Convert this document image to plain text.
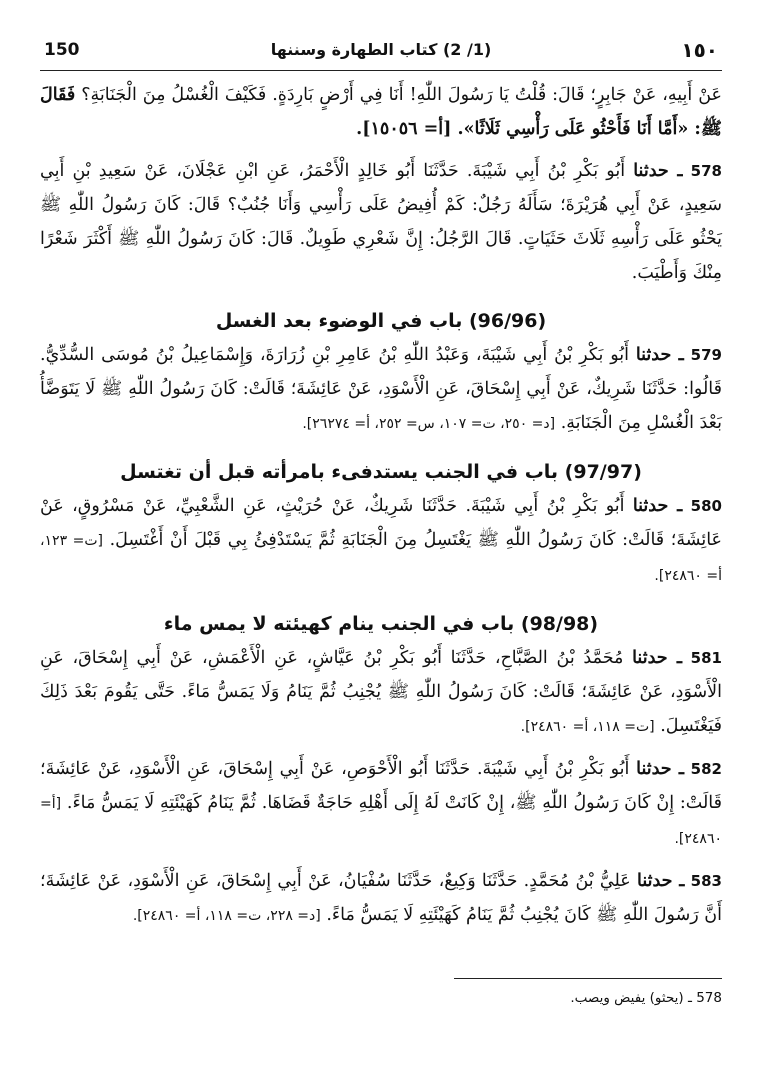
150	(1/ 2) كتاب الطهارة وسننها	١٥٠

عَنْ أَبِيهِ، عَنْ جَابِرٍ؛ قَالَ: قُلْتُ يَا رَسُولَ اللّٰهِ! أَنَا فِي أَرْضٍ بَارِدَةٍ. فَكَيْفَ الْغُسْلُ مِنَ الْجَنَابَةِ؟ فَقَالَ ﷺ: «أَمَّا أَنَا فَأَحْثُو عَلَى رَأْسِي ثَلَاثًا». [أ= ١٥٠٥٦].

578 ـ حدثنا أَبُو بَكْرِ بْنُ أَبِي شَيْبَةَ. حَدَّثَنَا أَبُو خَالِدٍ الْأَحْمَرُ، عَنِ ابْنِ عَجْلَانَ، عَنْ سَعِيدِ بْنِ أَبِي سَعِيدٍ، عَنْ أَبِي هُرَيْرَةَ؛ سَأَلَهُ رَجُلٌ: كَمْ أُفِيضُ عَلَى رَأْسِي وَأَنَا جُنُبٌ؟ قَالَ: كَانَ رَسُولُ اللّٰهِ ﷺ يَحْثُو عَلَى رَأْسِهِ ثَلَاثَ حَثَيَاتٍ. قَالَ الرَّجُلُ: إِنَّ شَعْرِي طَوِيلٌ. قَالَ: كَانَ رَسُولُ اللّٰهِ ﷺ أَكْثَرَ شَعْرًا مِنْكَ وَأَطْيَبَ.

(96/96) باب في الوضوء بعد الغسل

579 ـ حدثنا أَبُو بَكْرِ بْنُ أَبِي شَيْبَةَ، وَعَبْدُ اللّٰهِ بْنُ عَامِرِ بْنِ زُرَارَةَ، وَإِسْمَاعِيلُ بْنُ مُوسَى السُّدِّيُّ. قَالُوا: حَدَّثَنَا شَرِيكٌ، عَنْ أَبِي إِسْحَاقَ، عَنِ الْأَسْوَدِ، عَنْ عَائِشَةَ؛ قَالَتْ: كَانَ رَسُولُ اللّٰهِ ﷺ لَا يَتَوَضَّأُ بَعْدَ الْغُسْلِ مِنَ الْجَنَابَةِ. [د= ٢٥٠، ت= ١٠٧، س= ٢٥٢، أ= ٢٦٢٧٤].

(97/97) باب في الجنب يستدفىء بامرأته قبل أن تغتسل

580 ـ حدثنا أَبُو بَكْرِ بْنُ أَبِي شَيْبَةَ. حَدَّثَنَا شَرِيكٌ، عَنْ حُرَيْثٍ، عَنِ الشَّعْبِيِّ، عَنْ مَسْرُوقٍ، عَنْ عَائِشَةَ؛ قَالَتْ: كَانَ رَسُولُ اللّٰهِ ﷺ يَغْتَسِلُ مِنَ الْجَنَابَةِ ثُمَّ يَسْتَدْفِئُ بِي قَبْلَ أَنْ أَغْتَسِلَ. [ت= ١٢٣، أ= ٢٤٨٦٠].

(98/98) باب في الجنب ينام كهيئته لا يمس ماء

581 ـ حدثنا مُحَمَّدُ بْنُ الصَّبَّاحِ، حَدَّثَنَا أَبُو بَكْرِ بْنُ عَيَّاشٍ، عَنِ الْأَعْمَشِ، عَنْ أَبِي إِسْحَاقَ، عَنِ الْأَسْوَدِ، عَنْ عَائِشَةَ؛ قَالَتْ: كَانَ رَسُولُ اللّٰهِ ﷺ يُجْنِبُ ثُمَّ يَنَامُ وَلَا يَمَسُّ مَاءً. حَتَّى يَقُومَ بَعْدَ ذَلِكَ فَيَغْتَسِلَ. [ت= ١١٨، أ= ٢٤٨٦٠].

582 ـ حدثنا أَبُو بَكْرِ بْنُ أَبِي شَيْبَةَ. حَدَّثَنَا أَبُو الْأَحْوَصِ، عَنْ أَبِي إِسْحَاقَ، عَنِ الْأَسْوَدِ، عَنْ عَائِشَةَ؛ قَالَتْ: إِنْ كَانَ رَسُولُ اللّٰهِ ﷺ، إِنْ كَانَتْ لَهُ إِلَى أَهْلِهِ حَاجَةٌ قَضَاهَا. ثُمَّ يَنَامُ كَهَيْئَتِهِ لَا يَمَسُّ مَاءً. [أ= ٢٤٨٦٠].

583 ـ حدثنا عَلِيُّ بْنُ مُحَمَّدٍ. حَدَّثَنَا وَكِيعٌ، حَدَّثَنَا سُفْيَانُ، عَنْ أَبِي إِسْحَاقَ، عَنِ الْأَسْوَدِ، عَنْ عَائِشَةَ؛ أَنَّ رَسُولَ اللّٰهِ ﷺ كَانَ يُجْنِبُ ثُمَّ يَنَامُ كَهَيْئَتِهِ لَا يَمَسُّ مَاءً. [د= ٢٢٨، ت= ١١٨، أ= ٢٤٨٦٠].

578 ـ (يحثو) يفيض ويصب.
